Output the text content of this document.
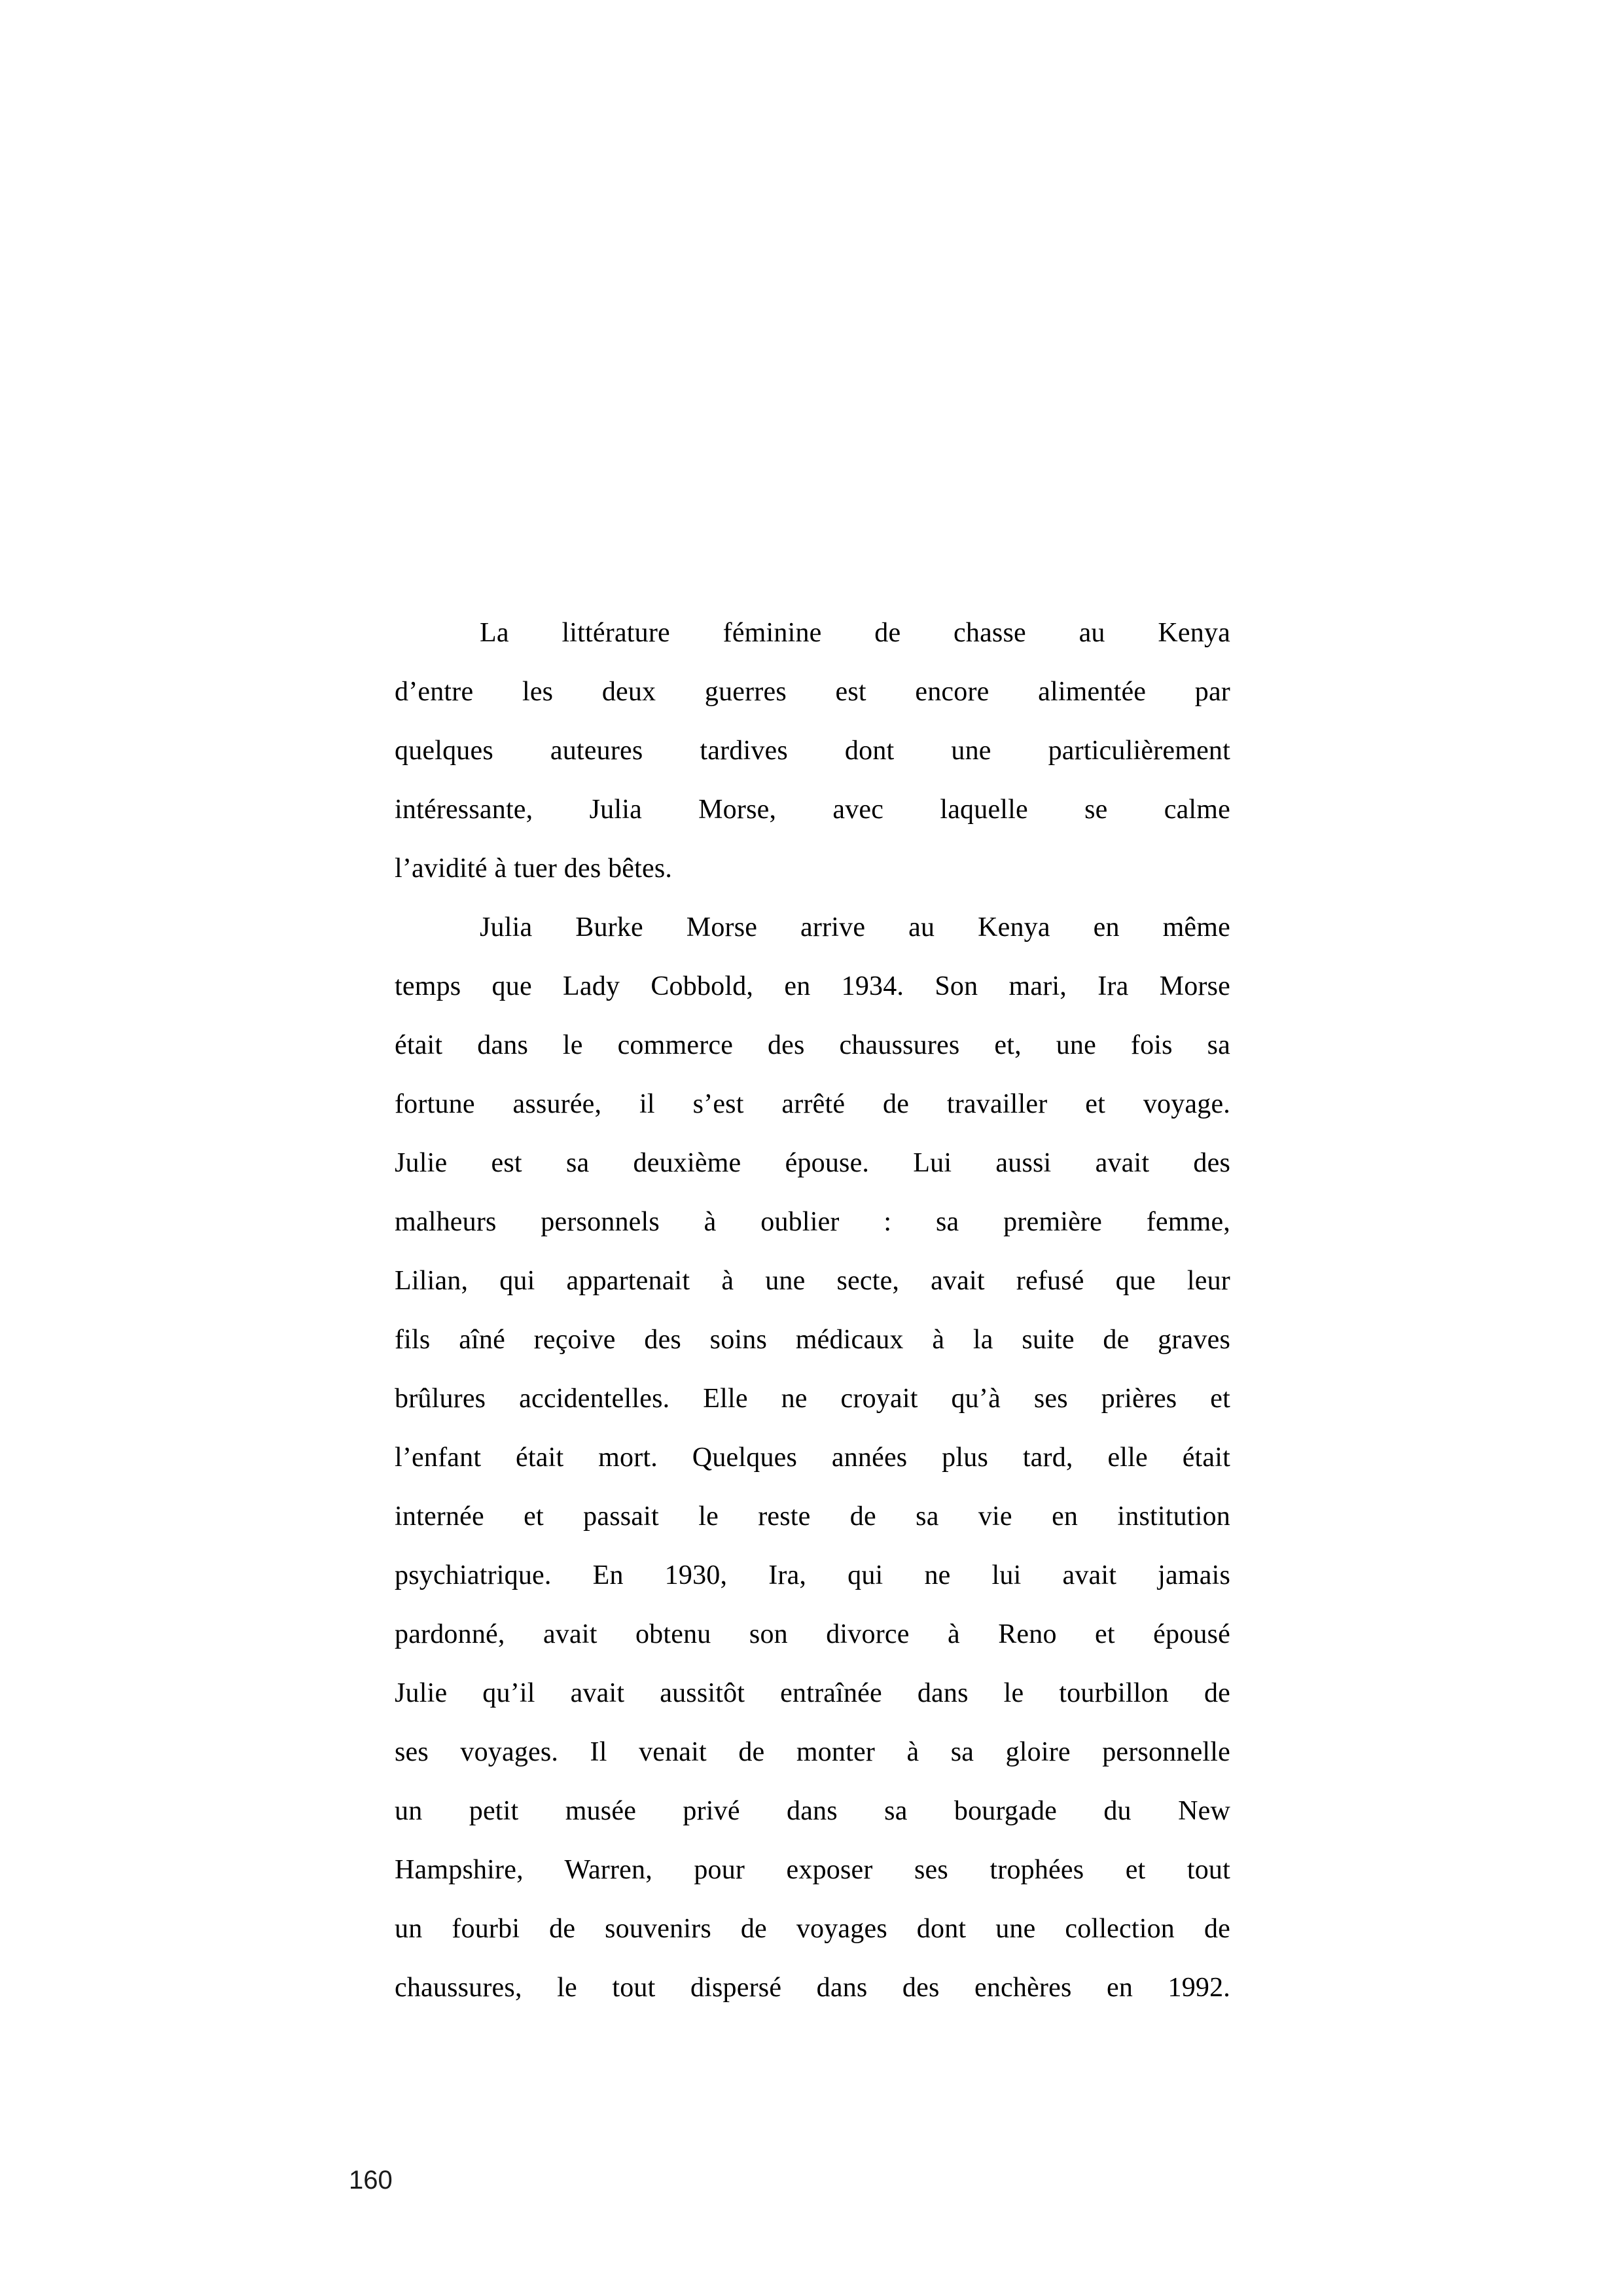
La littérature féminine de chasse au Kenya
d’entre les deux guerres est encore alimentée par
quelques auteures tardives dont une particulièrement
intéressante, Julia Morse, avec laquelle se calme
l’avidité à tuer des bêtes.
Julia Burke Morse arrive au Kenya en même
temps que Lady Cobbold, en 1934. Son mari, Ira Morse
était dans le commerce des chaussures et, une fois sa
fortune assurée, il s’est arrêté de travailler et voyage.
Julie est sa deuxième épouse. Lui aussi avait des
malheurs personnels à oublier : sa première femme,
Lilian, qui appartenait à une secte, avait refusé que leur
fils aîné reçoive des soins médicaux à la suite de graves
brûlures accidentelles. Elle ne croyait qu’à ses prières et
l’enfant était mort. Quelques années plus tard, elle était
internée et passait le reste de sa vie en institution
psychiatrique. En 1930, Ira, qui ne lui avait jamais
pardonné, avait obtenu son divorce à Reno et épousé
Julie qu’il avait aussitôt entraînée dans le tourbillon de
ses voyages. Il venait de monter à sa gloire personnelle
un petit musée privé dans sa bourgade du New
Hampshire, Warren, pour exposer ses trophées et tout
un fourbi de souvenirs de voyages dont une collection de
chaussures, le tout dispersé dans des enchères en 1992.
160
